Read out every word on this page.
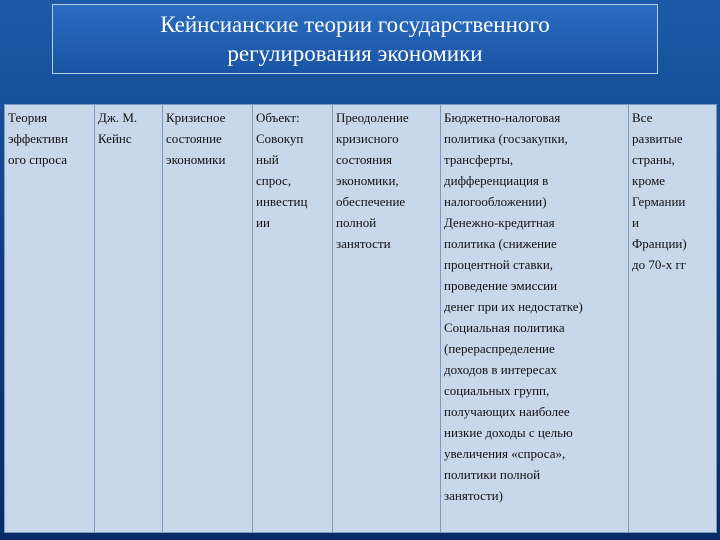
Кейнсианские теории государственного
регулирования экономики
Теория
эффективн
ого спроса

Дж. М.
Кейнс

Кризисное
состояние
экономики

Объект:
Совокуп
ный
спрос,
инвестиц
ии

Преодоление
кризисного
состояния
экономики,
обеспечение
полной
занятости

Бюджетно-налоговая
политика (госзакупки,
трансферты,
дифференциация в
налогообложении)
Денежно-кредитная
политика (снижение
процентной ставки,
проведение эмиссии
денег при их недостатке)
Социальная политика
(перераспределение
доходов в интересах
социальных групп,
получающих наиболее
низкие доходы с целью
увеличения «спроса»,
политики полной
занятости)

Все
развитые
страны,
кроме
Германии
и
Франции)
до 70-х гг
